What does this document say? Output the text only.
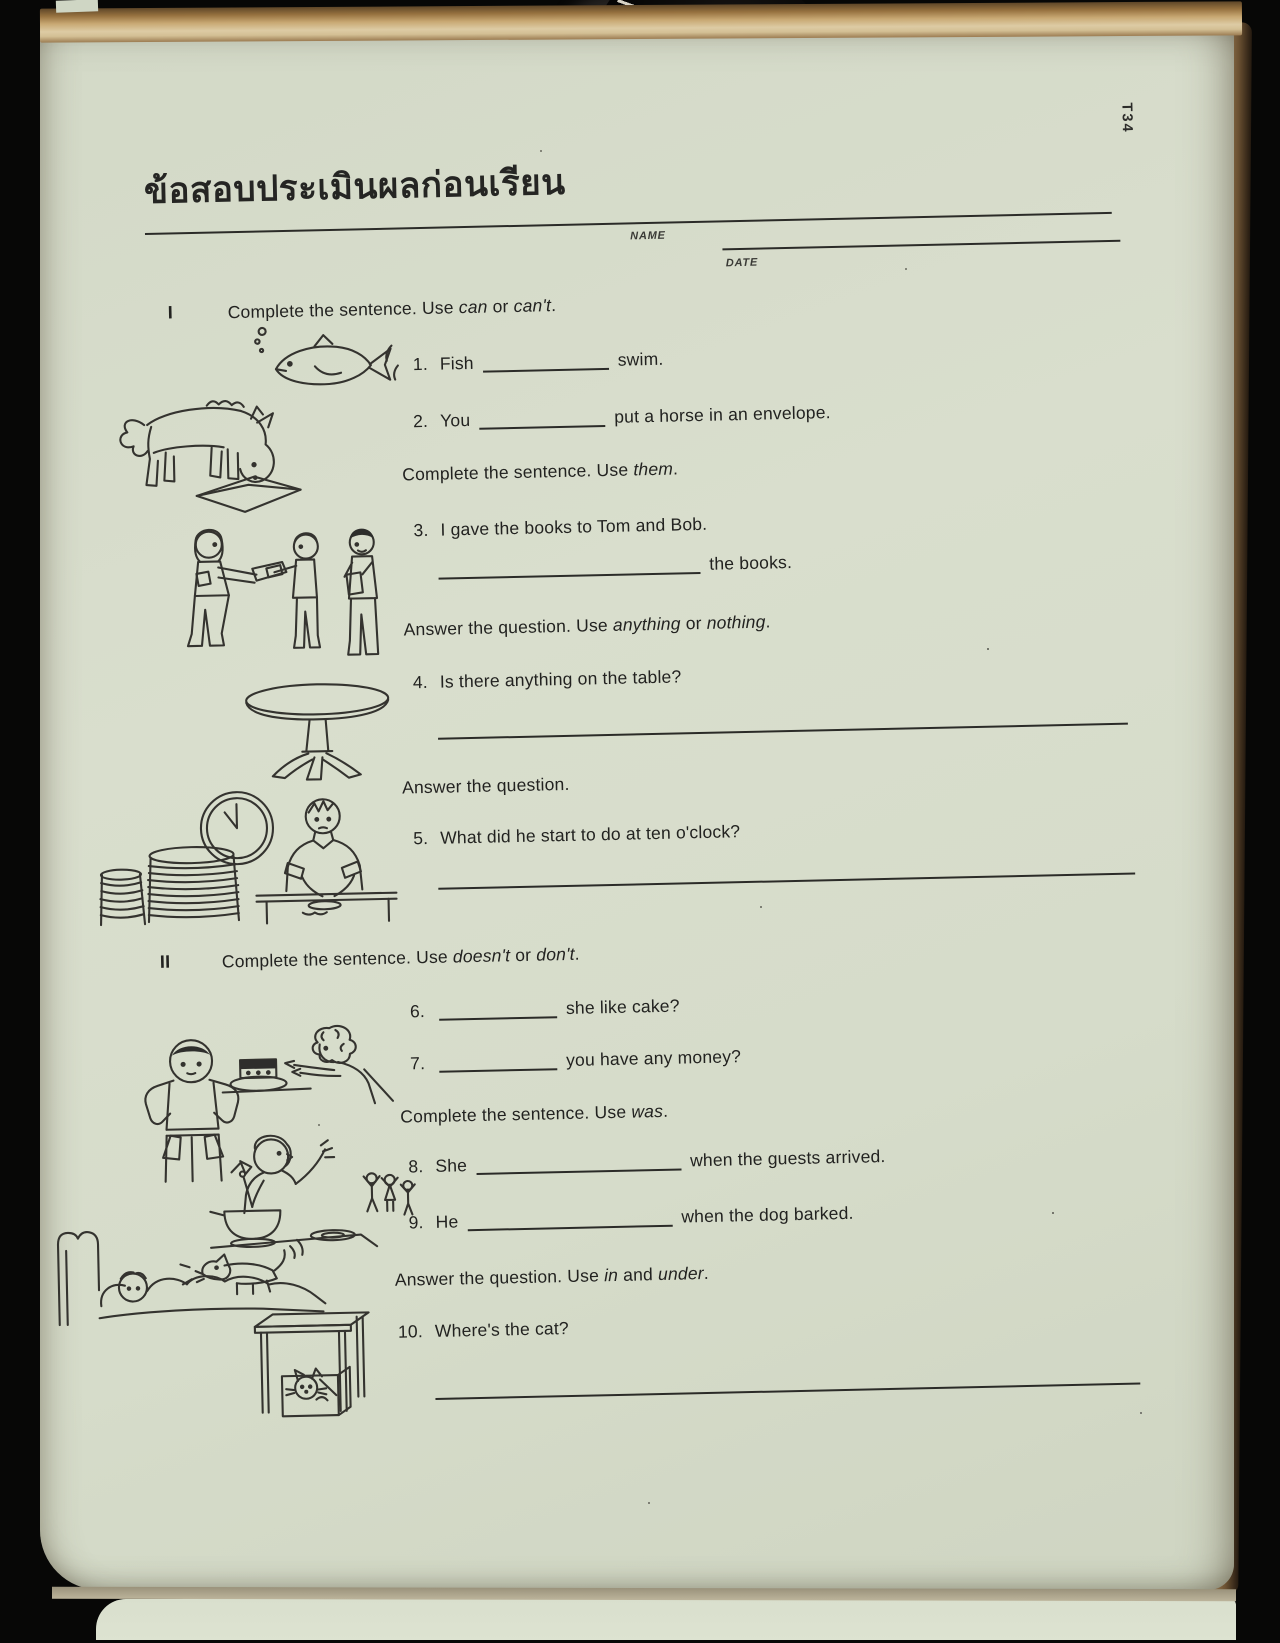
ข้อสอบประเมินผลก่อนเรียน
NAME
DATE
T34
I	Complete the sentence. Use can or can't.
1. Fish	swim.
2. You	put a horse in an envelope.
Complete the sentence. Use them.
3. I gave the books to Tom and Bob.
the books.
Answer the question. Use anything or nothing.
4. Is there anything on the table?
Answer the question.
5. What did he start to do at ten o'clock?
II	Complete the sentence. Use doesn't or don't.
6.	she like cake?
7.	you have any money?
Complete the sentence. Use was.
8. She	when the guests arrived.
9. He	when the dog barked.
Answer the question. Use in and under.
10. Where's the cat?
